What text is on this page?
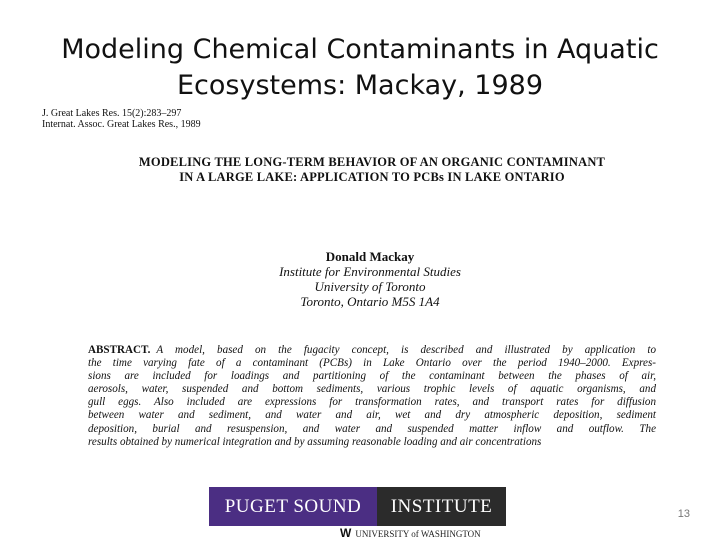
Modeling Chemical Contaminants in Aquatic
Ecosystems: Mackay, 1989
J. Great Lakes Res. 15(2):283–297
Internat. Assoc. Great Lakes Res., 1989
MODELING THE LONG-TERM BEHAVIOR OF AN ORGANIC CONTAMINANT
IN A LARGE LAKE: APPLICATION TO PCBs IN LAKE ONTARIO
Donald Mackay
Institute for Environmental Studies
University of Toronto
Toronto, Ontario M5S 1A4
ABSTRACT. A model, based on the fugacity concept, is described and illustrated by application to
the time varying fate of a contaminant (PCBs) in Lake Ontario over the period 1940–2000. Expres-
sions are included for loadings and partitioning of the contaminant between the phases of air,
aerosols, water, suspended and bottom sediments, various trophic levels of aquatic organisms, and
gull eggs. Also included are expressions for transformation rates, and transport rates for diffusion
between water and sediment, and water and air, wet and dry atmospheric deposition, sediment
deposition, burial and resuspension, and water and suspended matter inflow and outflow. The
results obtained by numerical integration and by assuming reasonable loading and air concentrations
PUGET SOUND	INSTITUTE
W UNIVERSITY of WASHINGTON
13
